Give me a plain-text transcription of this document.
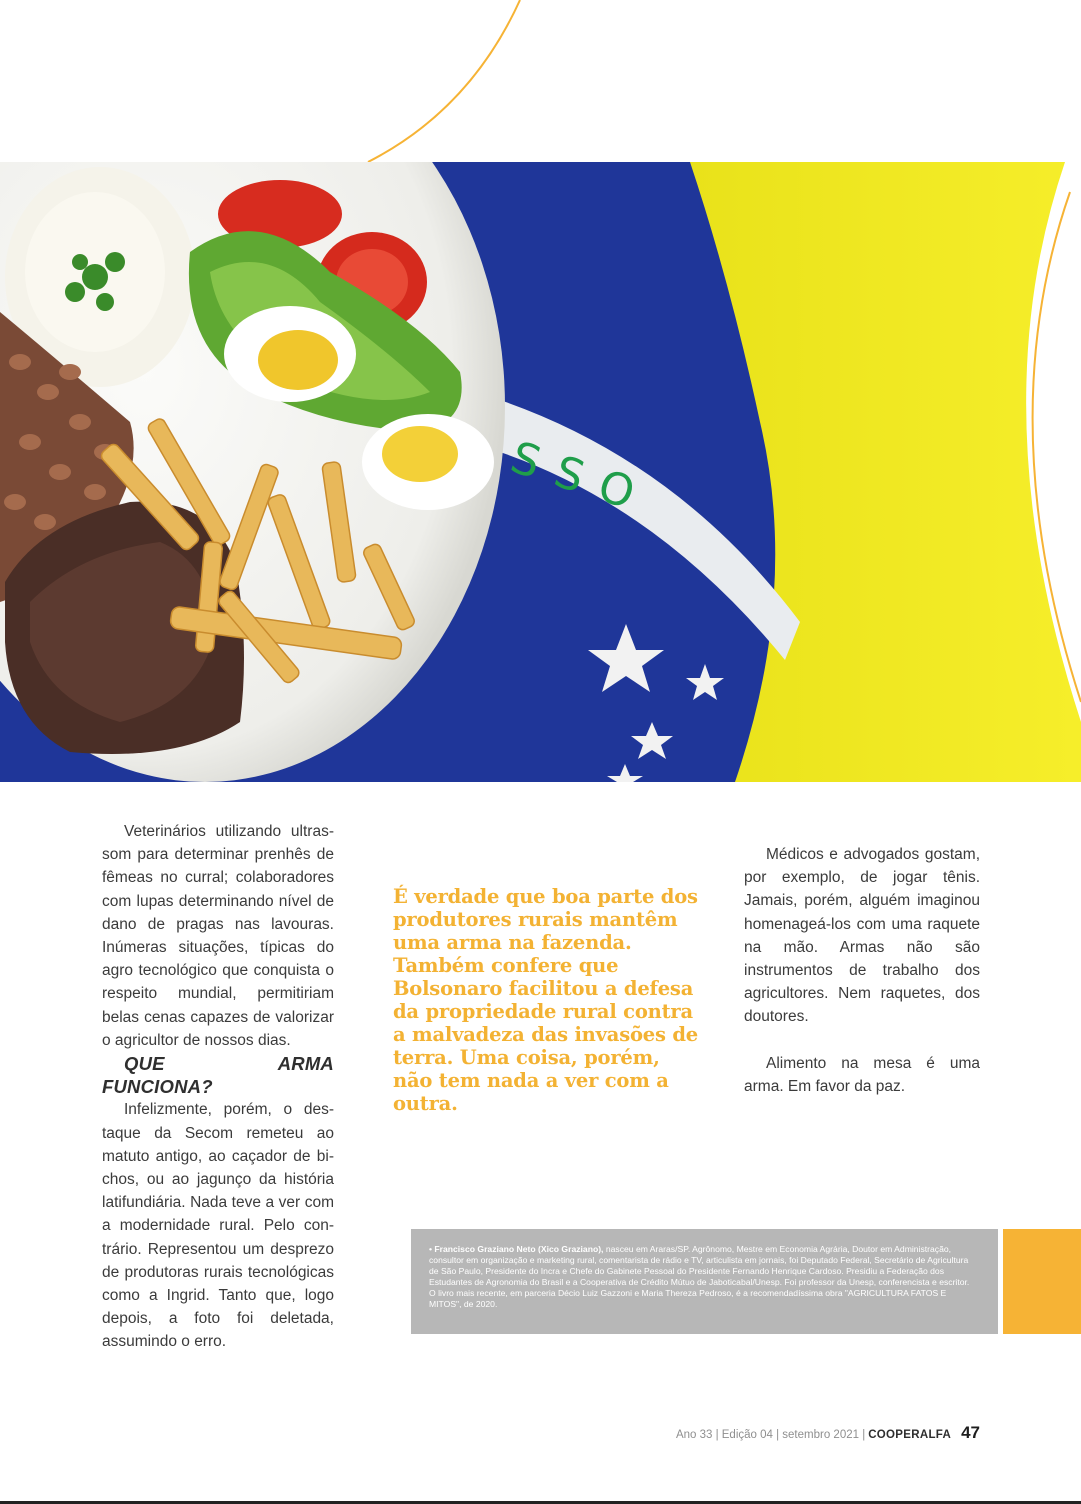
SSO

Veterinários utilizando ultrassom para determinar prenhês de fêmeas no curral; colaboradores com lupas determinando nível de dano de pragas nas lavouras. Inúmeras situações, típicas do agro tecnológico que conquista o respeito mundial, permitiriam belas cenas capazes de valorizar o agricultor de nossos dias.

QUE ARMA FUNCIONA?

Infelizmente, porém, o destaque da Secom remeteu ao matuto antigo, ao caçador de bichos, ou ao jagunço da história latifundiária. Nada teve a ver com a modernidade rural. Pelo contrário. Representou um desprezo de produtoras rurais tecnológicas como a Ingrid. Tanto que, logo depois, a foto foi deletada, assumindo o erro.

É verdade que boa parte dos produtores rurais mantêm uma arma na fazenda. Também confere que Bolsonaro facilitou a defesa da propriedade rural contra a malvadeza das invasões de terra. Uma coisa, porém, não tem nada a ver com a outra.

Médicos e advogados gostam, por exemplo, de jogar tênis. Jamais, porém, alguém imaginou homenageá-los com uma raquete na mão. Armas não são instrumentos de trabalho dos agricultores. Nem raquetes, dos doutores.

Alimento na mesa é uma arma. Em favor da paz.

• Francisco Graziano Neto (Xico Graziano), nasceu em Araras/SP. Agrônomo, Mestre em Economia Agrária, Doutor em Administração, consultor em organização e marketing rural, comentarista de rádio e TV, articulista em jornais, foi Deputado Federal, Secretário de Agricultura de São Paulo, Presidente do Incra e Chefe do Gabinete Pessoal do Presidente Fernando Henrique Cardoso. Presidiu a Federação dos Estudantes de Agronomia do Brasil e a Cooperativa de Crédito Mútuo de Jaboticabal/Unesp. Foi professor da Unesp, conferencista e escritor. O livro mais recente, em parceria Décio Luiz Gazzoni e Maria Thereza Pedroso, é a recomendadíssima obra "AGRICULTURA FATOS E MITOS", de 2020.

Ano 33 | Edição 04 | setembro 2021 | COOPERALFA 47
